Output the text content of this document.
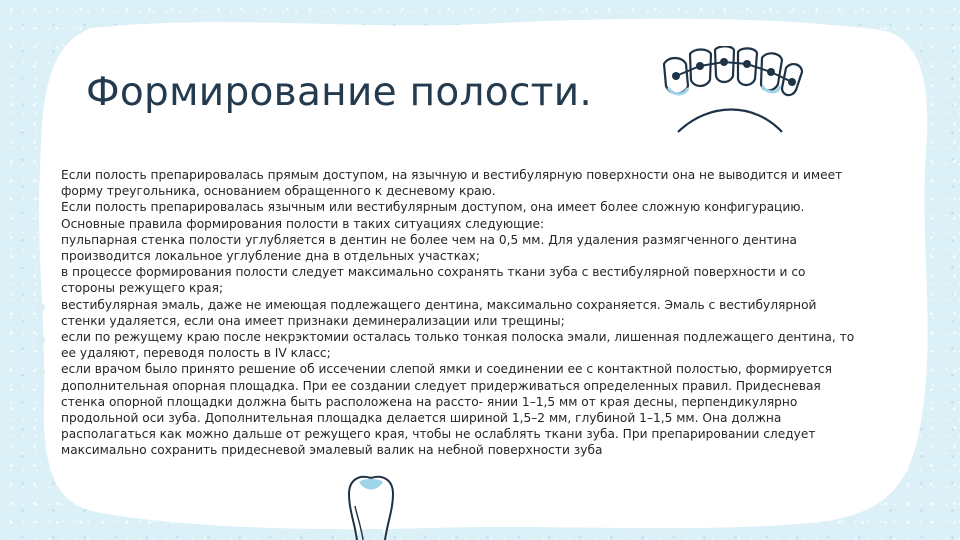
Формирование полости.

Если полость препарировалась прямым доступом, на язычную и вестибулярную поверхности она не выводится и имеет форму треугольника, основанием обращенного к десневому краю.

Если полость препарировалась язычным или вестибулярным доступом, она имеет более сложную конфигурацию. Основные правила формирования полости в таких ситуациях следующие:

пульпарная стенка полости углубляется в дентин не более чем на 0,5 мм. Для удаления размягченного дентина производится локальное углубление дна в отдельных участках;

в процессе формирования полости следует максимально сохранять ткани зуба с вестибулярной поверхности и со стороны режущего края;

вестибулярная эмаль, даже не имеющая подлежащего дентина, максимально сохраняется. Эмаль с вестибулярной стенки удаляется, если она имеет признаки деминерализации или трещины;

если по режущему краю после некрэктомии осталась только тонкая полоска эмали, лишенная подлежащего дентина, то ее удаляют, переводя полость в IV класс;

если врачом было принято решение об иссечении слепой ямки и соединении ее с контактной полостью, формируется дополнительная опорная площадка. При ее создании следует придерживаться определенных правил. Придесневая стенка опорной площадки должна быть расположена на рассто- янии 1–1,5 мм от края десны, перпендикулярно продольной оси зуба. Дополнительная площадка делается шириной 1,5–2 мм, глубиной 1–1,5 мм. Она должна располагаться как можно дальше от режущего края, чтобы не ослаблять ткани зуба. При препарировании следует максимально сохранить придесневой эмалевый валик на небной поверхности зуба
